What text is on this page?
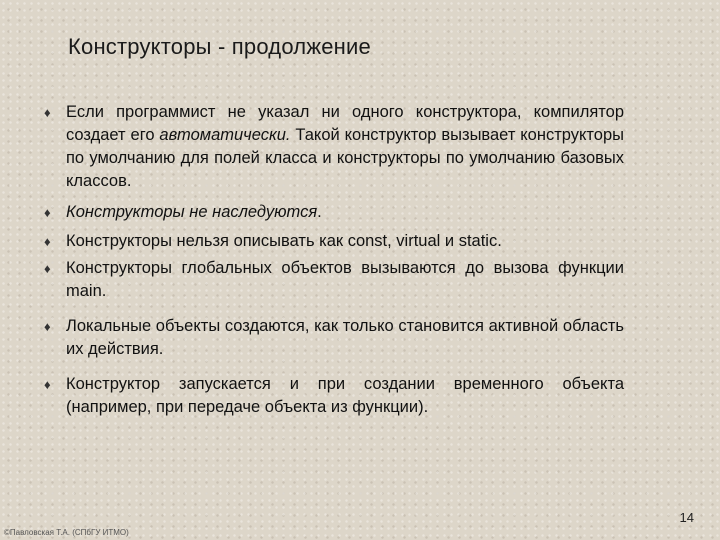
Конструкторы - продолжение
♦ Если программист не указал ни одного конструктора, компилятор создает его автоматически. Такой конструктор вызывает конструкторы по умолчанию для полей класса и конструкторы по умолчанию базовых классов.
♦ Конструкторы не наследуются.
♦ Конструкторы нельзя описывать как const, virtual и static.
♦ Конструкторы глобальных объектов вызываются до вызова функции main.
♦ Локальные объекты создаются, как только становится активной область их действия.
♦ Конструктор запускается и при создании временного объекта (например, при передаче объекта из функции).
14
©Павловская Т.А. (СПбГУ ИТМО)
